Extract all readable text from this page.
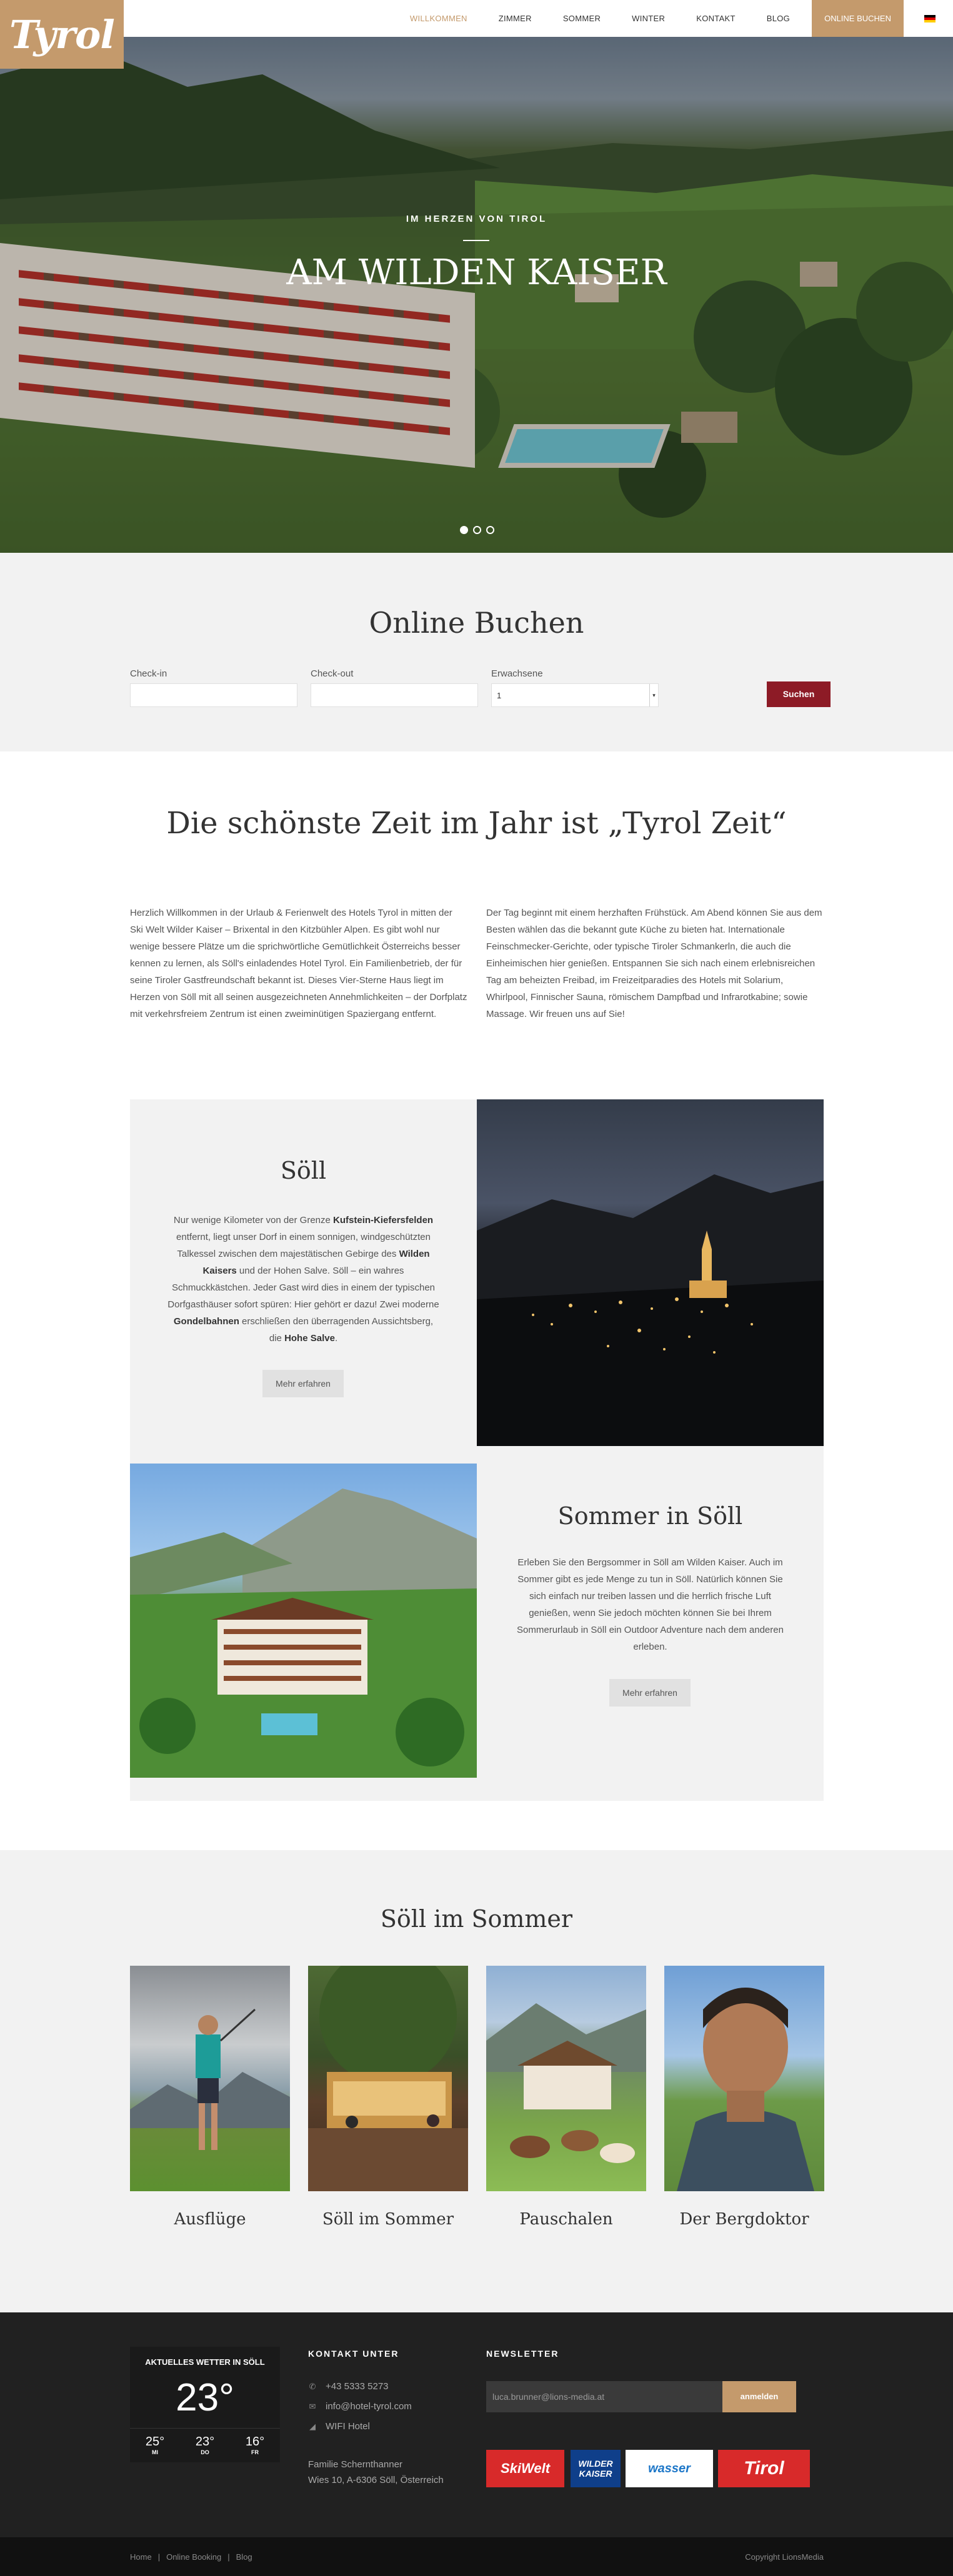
Tyrol	WILLKOMMEN	ZIMMER	SOMMER	WINTER	KONTAKT	BLOG	ONLINE BUCHEN
IM HERZEN VON TIROL
AM WILDEN KAISER
Online Buchen
Check-in	Check-out	Erwachsene
1	▾	Suchen
Die schönste Zeit im Jahr ist „Tyrol Zeit“
Herzlich Willkommen in der Urlaub & Ferienwelt des Hotels Tyrol in mitten der Ski Welt Wilder Kaiser – Brixental in den Kitzbühler Alpen. Es gibt wohl nur wenige bessere Plätze um die sprichwörtliche Gemütlichkeit Österreichs besser kennen zu lernen, als Söll's einladendes Hotel Tyrol. Ein Familienbetrieb, der für seine Tiroler Gastfreundschaft bekannt ist. Dieses Vier-Sterne Haus liegt im Herzen von Söll mit all seinen ausgezeichneten Annehmlichkeiten – der Dorfplatz mit verkehrsfreiem Zentrum ist einen zweiminütigen Spaziergang entfernt.
Der Tag beginnt mit einem herzhaften Frühstück. Am Abend können Sie aus dem Besten wählen das die bekannt gute Küche zu bieten hat. Internationale Feinschmecker-Gerichte, oder typische Tiroler Schmankerln, die auch die Einheimischen hier genießen. Entspannen Sie sich nach einem erlebnisreichen Tag am beheizten Freibad, im Freizeitparadies des Hotels mit Solarium, Whirlpool, Finnischer Sauna, römischem Dampfbad und Infrarotkabine; sowie Massage. Wir freuen uns auf Sie!
Söll
Nur wenige Kilometer von der Grenze Kufstein-Kiefersfelden entfernt, liegt unser Dorf in einem sonnigen, windgeschützten Talkessel zwischen dem majestätischen Gebirge des Wilden Kaisers und der Hohen Salve. Söll – ein wahres Schmuckkästchen. Jeder Gast wird dies in einem der typischen Dorfgasthäuser sofort spüren: Hier gehört er dazu! Zwei moderne Gondelbahnen erschließen den überragenden Aussichtsberg, die Hohe Salve.
Mehr erfahren
Sommer in Söll
Erleben Sie den Bergsommer in Söll am Wilden Kaiser. Auch im Sommer gibt es jede Menge zu tun in Söll. Natürlich können Sie sich einfach nur treiben lassen und die herrlich frische Luft genießen, wenn Sie jedoch möchten können Sie bei Ihrem Sommerurlaub in Söll ein Outdoor Adventure nach dem anderen erleben.
Mehr erfahren
Söll im Sommer
Ausflüge	Söll im Sommer	Pauschalen	Der Bergdoktor
AKTUELLES WETTER IN SÖLL
23°
25°
MI
23°
DO
16°
FR
KONTAKT UNTER
✆ +43 5333 5273
✉ info@hotel-tyrol.com
◢ WIFI Hotel
Familie Schernthanner
Wies 10, A-6306 Söll, Österreich
NEWSLETTER
luca.brunner@lions-media.at	anmelden
SkiWelt	WILDER KAISER	wasser	Tirol
Home | Online Booking | Blog	Copyright LionsMedia
